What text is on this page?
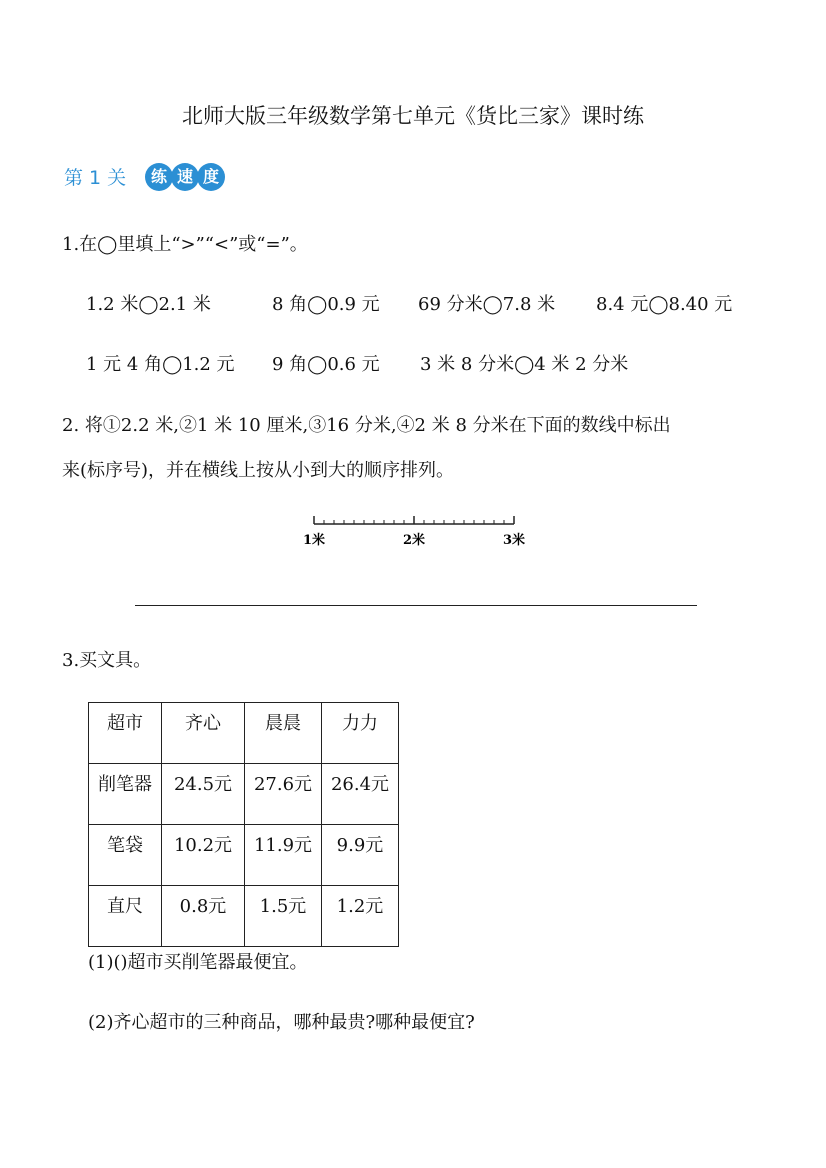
北师大版三年级数学第七单元《货比三家》课时练
第 1 关	练 速 度
1.在◯里填上“>”“<”或“=”。
1.2 米◯2.1 米	8 角◯0.9 元 69 分米◯7.8 米 8.4 元◯8.40 元
1 元 4 角◯1.2 元 9 角◯0.6 元 3 米 8 分米◯4 米 2 分米
2. 将①2.2 米,②1 米 10 厘米,③16 分米,④2 米 8 分米在下面的数线中标出
来(标序号)，并在横线上按从小到大的顺序排列。
1米	2米	3米
3.买文具。
超市	齐心	晨晨	力力
削笔器	24.5元	27.6元	26.4元
笔袋	10.2元	11.9元	9.9元
直尺	0.8元	1.5元	1.2元
(1)()超市买削笔器最便宜。
(2)齐心超市的三种商品，哪种最贵?哪种最便宜?
